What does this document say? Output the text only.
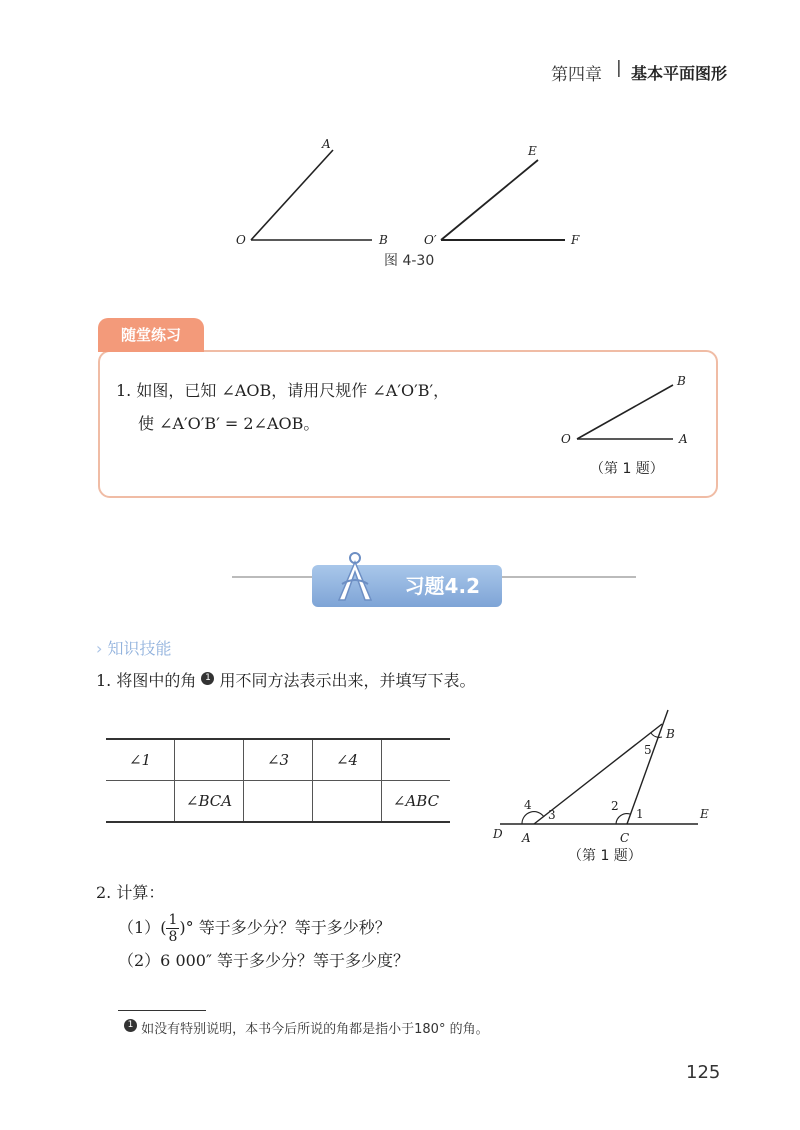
第四章 | 基本平面图形
A
O	B
E
O′	F
图 4-30
随堂练习
1. 如图，已知 ∠AOB，请用尺规作 ∠A′O′B′，
使 ∠A′O′B′ = 2∠AOB。
B
O	A
（第 1 题）
习题4.2
› 知识技能
1. 将图中的角 1 用不同方法表示出来，并填写下表。
∠1		∠3	∠4	
	∠BCA			∠ABC
D A	C
E
B
1
2
3
4
5
（第 1 题）
2. 计算：
$(1)( \frac{1}{8}$ )° 等于多少分？等于多少秒？
（2）6 000″ 等于多少分？等于多少度？
1 如没有特别说明，本书今后所说的角都是指小于180° 的角。
125
